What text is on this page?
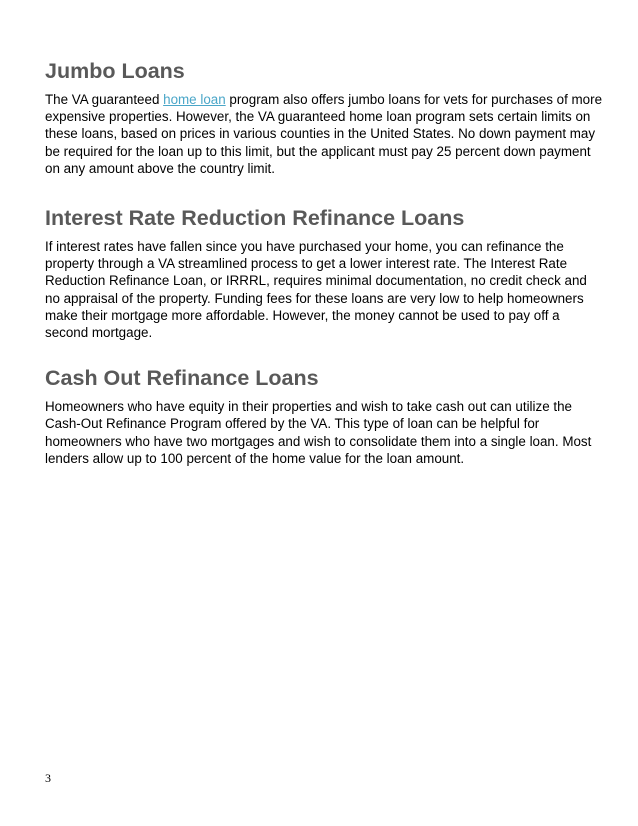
Jumbo Loans

The VA guaranteed home loan program also offers jumbo loans for vets for purchases of more expensive properties. However, the VA guaranteed home loan program sets certain limits on these loans, based on prices in various counties in the United States. No down payment may be required for the loan up to this limit, but the applicant must pay 25 percent down payment on any amount above the country limit.

Interest Rate Reduction Refinance Loans

If interest rates have fallen since you have purchased your home, you can refinance the property through a VA streamlined process to get a lower interest rate. The Interest Rate Reduction Refinance Loan, or IRRRL, requires minimal documentation, no credit check and no appraisal of the property. Funding fees for these loans are very low to help homeowners make their mortgage more affordable. However, the money cannot be used to pay off a second mortgage.

Cash Out Refinance Loans

Homeowners who have equity in their properties and wish to take cash out can utilize the Cash-Out Refinance Program offered by the VA. This type of loan can be helpful for homeowners who have two mortgages and wish to consolidate them into a single loan. Most lenders allow up to 100 percent of the home value for the loan amount.

3
